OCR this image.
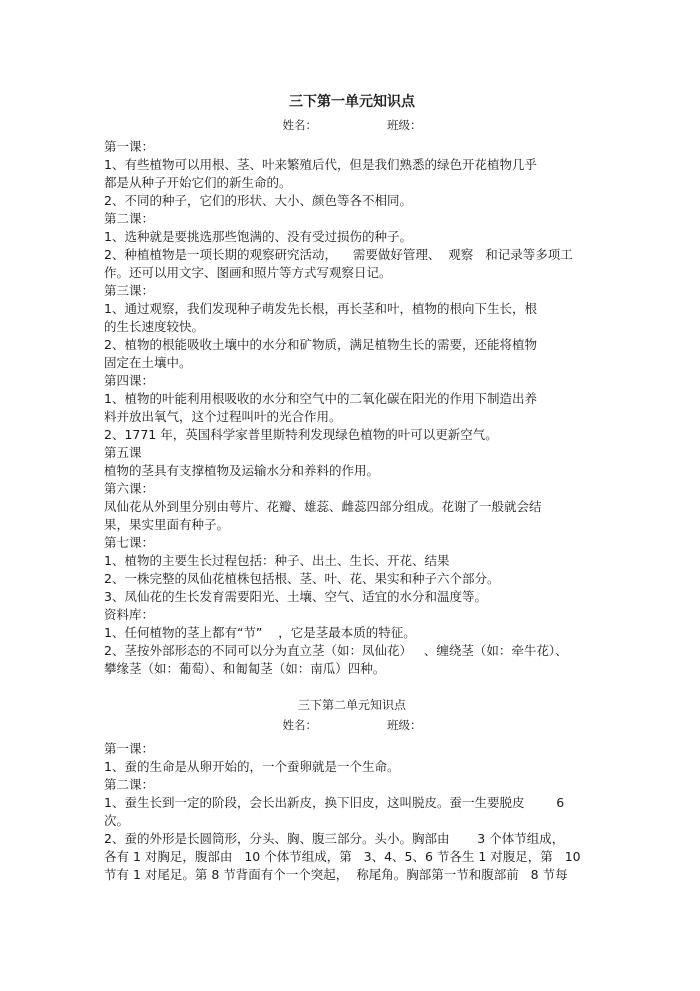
三下第一单元知识点
姓名：	班级：
第一课：
1、有些植物可以用根、茎、叶来繁殖后代，但是我们熟悉的绿色开花植物几乎
都是从种子开始它们的新生命的。
2、不同的种子，它们的形状、大小、颜色等各不相同。
第二课：
1、选种就是要挑选那些饱满的、没有受过损伤的种子。
2、种植植物是一项长期的观察研究活动，    需要做好管理、  观察   和记录等多项工
作。还可以用文字、图画和照片等方式写观察日记。
第三课：
1、通过观察，我们发现种子萌发先长根，再长茎和叶，植物的根向下生长，根
的生长速度较快。
2、植物的根能吸收土壤中的水分和矿物质，满足植物生长的需要，还能将植物
固定在土壤中。
第四课：
1、植物的叶能利用根吸收的水分和空气中的二氧化碳在阳光的作用下制造出养
料并放出氧气，这个过程叫叶的光合作用。
2、1771 年，英国科学家普里斯特利发现绿色植物的叶可以更新空气。
第五课
植物的茎具有支撑植物及运输水分和养料的作用。
第六课：
凤仙花从外到里分别由萼片、花瓣、雄蕊、雌蕊四部分组成。花谢了一般就会结
果，果实里面有种子。
第七课：
1、植物的主要生长过程包括：种子、出土、生长、开花、结果
2、一株完整的凤仙花植株包括根、茎、叶、花、果实和种子六个部分。
3、凤仙花的生长发育需要阳光、土壤、空气、适宜的水分和温度等。
资料库：
1、任何植物的茎上都有“节”    ，它是茎最本质的特征。
2、茎按外部形态的不同可以分为直立茎（如：凤仙花）   、缠绕茎（如：牵牛花）、
攀缘茎（如：葡萄）、和匍匐茎（如：南瓜）四种。
三下第二单元知识点
姓名：	班级：
第一课：
1、蚕的生命是从卵开始的，一个蚕卵就是一个生命。
第二课：
1、蚕生长到一定的阶段，会长出新皮，换下旧皮，这叫脱皮。蚕一生要脱皮        6
次。
2、蚕的外形是长圆筒形，分头、胸、腹三部分。头小。胸部由       3 个体节组成，
各有 1 对胸足，腹部由   10 个体节组成，第   3、4、5、6 节各生 1 对腹足，第   10
节有 1 对尾足。第 8 节背面有个一个突起，  称尾角。胸部第一节和腹部前   8 节每
